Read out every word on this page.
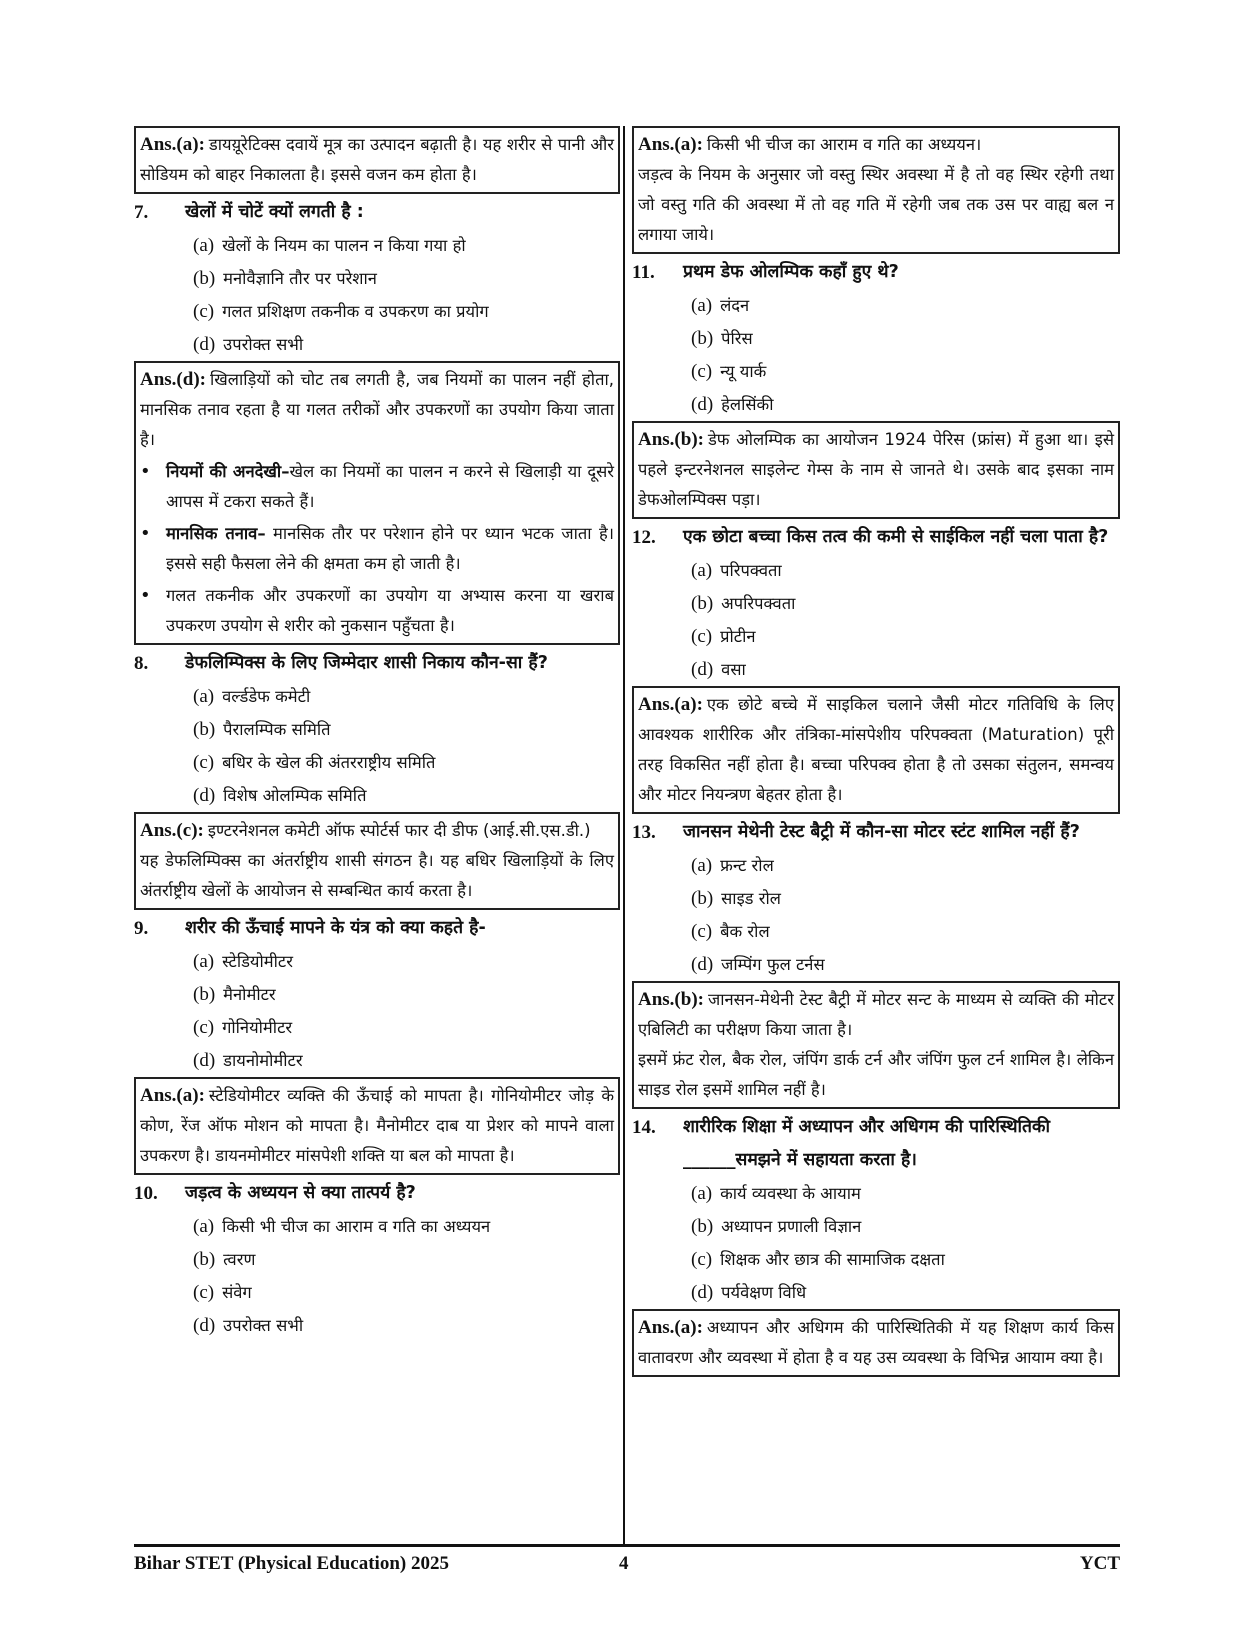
Ans.(a): डायय़ूरेटिक्स दवायें मूत्र का उत्पादन बढ़ाती है। यह शरीर से पानी और सोडियम को बाहर निकालता है। इससे वजन कम होता है।
7.	खेलों में चोटें क्यों लगती है :
(a) खेलों के नियम का पालन न किया गया हो
(b) मनोवैज्ञानि तौर पर परेशान
(c) गलत प्रशिक्षण तकनीक व उपकरण का प्रयोग
(d) उपरोक्त सभी
Ans.(d): खिलाड़ियों को चोट तब लगती है, जब नियमों का पालन नहीं होता, मानसिक तनाव रहता है या गलत तरीकों और उपकरणों का उपयोग किया जाता है।
• नियमों की अनदेखी–खेल का नियमों का पालन न करने से खिलाड़ी या दूसरे आपस में टकरा सकते हैं।
• मानसिक तनाव– मानसिक तौर पर परेशान होने पर ध्यान भटक जाता है। इससे सही फैसला लेने की क्षमता कम हो जाती है।
• गलत तकनीक और उपकरणों का उपयोग या अभ्यास करना या खराब उपकरण उपयोग से शरीर को नुकसान पहुँचता है।
8.	डेफलिम्पिक्स के लिए जिम्मेदार शासी निकाय कौन-सा हैं?
(a) वर्ल्डडेफ कमेटी
(b) पैरालम्पिक समिति
(c) बधिर के खेल की अंतरराष्ट्रीय समिति
(d) विशेष ओलम्पिक समिति
Ans.(c): इण्टरनेशनल कमेटी ऑफ स्पोर्टर्स फार दी डीफ (आई.सी.एस.डी.)
यह डेफलिम्पिक्स का अंतर्राष्ट्रीय शासी संगठन है। यह बधिर खिलाड़ियों के लिए अंतर्राष्ट्रीय खेलों के आयोजन से सम्बन्धित कार्य करता है।
9.	शरीर की ऊँचाई मापने के यंत्र को क्या कहते है-
(a) स्टेडियोमीटर
(b) मैनोमीटर
(c) गोनियोमीटर
(d) डायनोमोमीटर
Ans.(a): स्टेडियोमीटर व्यक्ति की ऊँचाई को मापता है। गोनियोमीटर जोड़ के कोण, रेंज ऑफ मोशन को मापता है। मैनोमीटर दाब या प्रेशर को मापने वाला उपकरण है। डायनमोमीटर मांसपेशी शक्ति या बल को मापता है।
10.	जड़त्व के अध्ययन से क्या तात्पर्य है?
(a) किसी भी चीज का आराम व गति का अध्ययन
(b) त्वरण
(c) संवेग
(d) उपरोक्त सभी
Ans.(a): किसी भी चीज का आराम व गति का अध्ययन।
जड़त्व के नियम के अनुसार जो वस्तु स्थिर अवस्था में है तो वह स्थिर रहेगी तथा जो वस्तु गति की अवस्था में तो वह गति में रहेगी जब तक उस पर वाह्य बल न लगाया जाये।
11.	प्रथम डेफ ओलम्पिक कहाँ हुए थे?
(a) लंदन
(b) पेरिस
(c) न्यू यार्क
(d) हेलसिंकी
Ans.(b): डेफ ओलम्पिक का आयोजन 1924 पेरिस (फ्रांस) में हुआ था। इसे पहले इन्टरनेशनल साइलेन्ट गेम्स के नाम से जानते थे। उसके बाद इसका नाम डेफओलम्पिक्स पड़ा।
12.	एक छोटा बच्चा किस तत्व की कमी से साईकिल नहीं चला पाता है?
(a) परिपक्वता
(b) अपरिपक्वता
(c) प्रोटीन
(d) वसा
Ans.(a): एक छोटे बच्चे में साइकिल चलाने जैसी मोटर गतिविधि के लिए आवश्यक शारीरिक और तंत्रिका-मांसपेशीय परिपक्वता (Maturation) पूरी तरह विकसित नहीं होता है। बच्चा परिपक्व होता है तो उसका संतुलन, समन्वय और मोटर नियन्त्रण बेहतर होता है।
13.	जानसन मेथेनी टेस्ट बैट्री में कौन-सा मोटर स्टंट शामिल नहीं हैं?
(a) फ्रन्ट रोल
(b) साइड रोल
(c) बैक रोल
(d) जम्पिंग फुल टर्नस
Ans.(b): जानसन-मेथेनी टेस्ट बैट्री में मोटर सन्ट के माध्यम से व्यक्ति की मोटर एबिलिटी का परीक्षण किया जाता है।
इसमें फ्रंट रोल, बैक रोल, जंपिंग डार्क टर्न और जंपिंग फुल टर्न शामिल है। लेकिन साइड रोल इसमें शामिल नहीं है।
14.	शारीरिक शिक्षा में अध्यापन और अधिगम की पारिस्थितिकी ______समझने में सहायता करता है।
(a) कार्य व्यवस्था के आयाम
(b) अध्यापन प्रणाली विज्ञान
(c) शिक्षक और छात्र की सामाजिक दक्षता
(d) पर्यवेक्षण विधि
Ans.(a): अध्यापन और अधिगम की पारिस्थितिकी में यह शिक्षण कार्य किस वातावरण और व्यवस्था में होता है व यह उस व्यवस्था के विभिन्न आयाम क्या है।
Bihar STET (Physical Education) 2025	4	YCT
